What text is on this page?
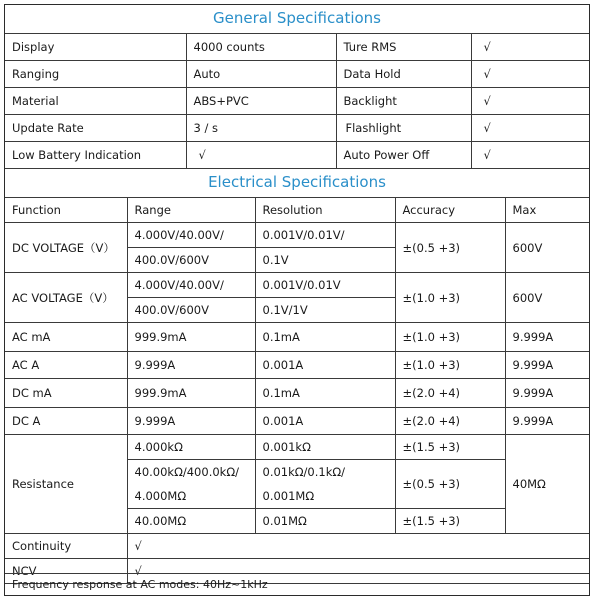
General Specifications
Display	4000 counts	Ture RMS	√
Ranging	Auto	Data Hold	√
Material	ABS+PVC	Backlight	√
Update Rate	3 / s	Flashlight	√
Low Battery Indication	√	Auto Power Off	√
Electrical Specifications
Function	Range	Resolution	Accuracy	Max
DC VOLTAGE（V）	4.000V/40.00V/	0.001V/0.01V/	±(0.5 +3)	600V
	400.0V/600V	0.1V		
AC VOLTAGE（V）	4.000V/40.00V/	0.001V/0.01V	±(1.0 +3)	600V
	400.0V/600V	0.1V/1V		
AC mA	999.9mA	0.1mA	±(1.0 +3)	9.999A
AC A	9.999A	0.001A	±(1.0 +3)	9.999A
DC mA	999.9mA	0.1mA	±(2.0 +4)	9.999A
DC A	9.999A	0.001A	±(2.0 +4)	9.999A
Resistance	4.000kΩ	0.001kΩ	±(1.5 +3)	40MΩ
	40.00kΩ/400.0kΩ/	0.01kΩ/0.1kΩ/	±(0.5 +3)	
	4.000MΩ	0.001MΩ		
	40.00MΩ	0.01MΩ	±(1.5 +3)	
Continuity	√			
NCV	√			
Frequency response at AC modes: 40Hz~1kHz
